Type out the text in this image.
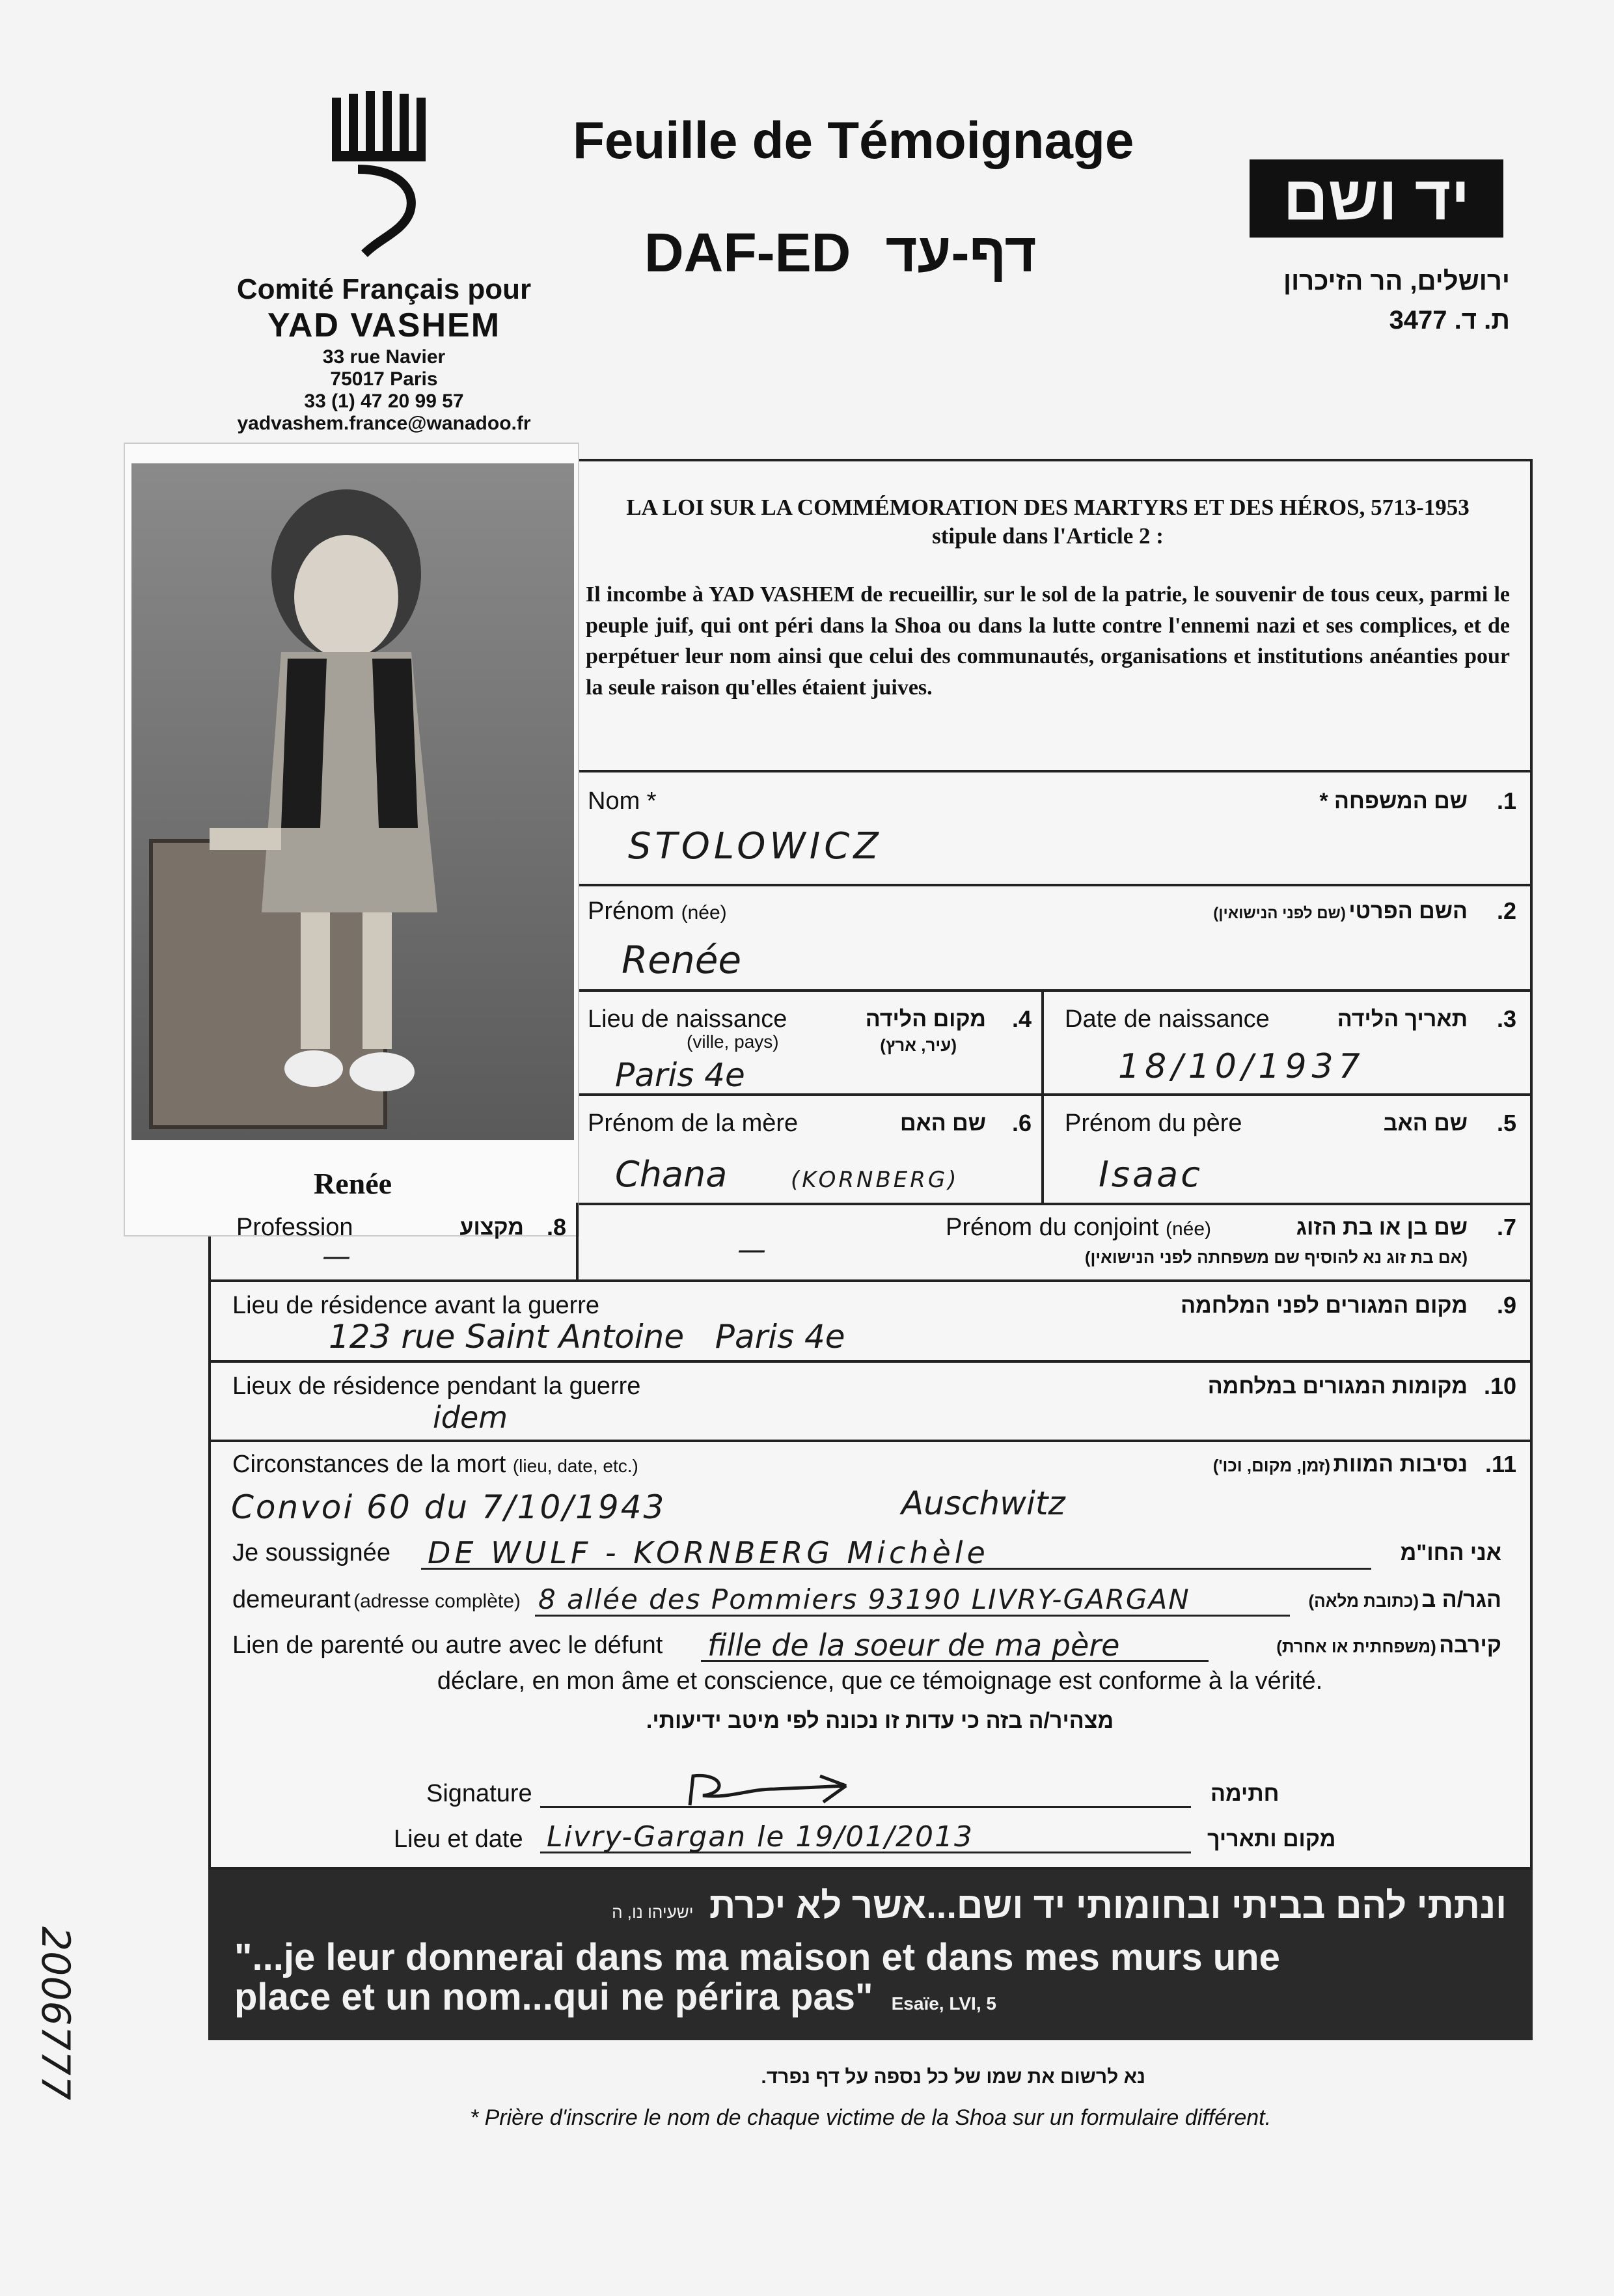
Comité Français pour
YAD VASHEM
33 rue Navier
75017 Paris
33 (1) 47 20 99 57
yadvashem.france@wanadoo.fr
Feuille de Témoignage
DAF-ED דף-עד
יד ושם
ירושלים, הר הזיכרון
ת. ד. 3477
Renée
LA LOI SUR LA COMMÉMORATION DES MARTYRS ET DES HÉROS, 5713-1953
stipule dans l'Article 2 :
Il incombe à YAD VASHEM de recueillir, sur le sol de la patrie, le souvenir de tous ceux, parmi le peuple juif, qui ont péri dans la Shoa ou dans la lutte contre l'ennemi nazi et ses complices, et de perpétuer leur nom ainsi que celui des communautés, organisations et institutions anéanties pour la seule raison qu'elles étaient juives.
Nom *	שם המשפחה * .1
STOLOWICZ
Prénom (née)	השם הפרטי (שם לפני הנישואין)	.2
Renée
Lieu de naissance
(ville, pays)
מקום הלידה
(עיר, ארץ)
.4
Paris 4e
Date de naissance	תאריך הלידה .3
18/10/1937
Prénom de la mère	שם האם .6
Chana	(KORNBERG)
Prénom du père	שם האב .5
Isaac
Profession	מקצוע .8
—
Prénom du conjoint (née)	שם בן או בת הזוג .7
(אם בת זוג נא להוסיף שם משפחתה לפני הנישואין)
—
Lieu de résidence avant la guerre	מקום המגורים לפני המלחמה .9
123 rue Saint Antoine   Paris 4e
Lieux de résidence pendant la guerre	מקומות המגורים במלחמה .10
idem
Circonstances de la mort (lieu, date, etc.)	נסיבות המוות (זמן, מקום, וכו')	.11
Convoi 60 du 7/10/1943	Auschwitz
Je soussignée DE WULF - KORNBERG Michèle	אני החו"מ
demeurant (adresse complète) 8 allée des Pommiers 93190 LIVRY-GARGAN	הגר/ה ב (כתובת מלאה)
Lien de parenté ou autre avec le défunt fille de la soeur de ma père	קירבה (משפחתית או אחרת)
déclare, en mon âme et conscience, que ce témoignage est conforme à la vérité.
מצהיר/ה בזה כי עדות זו נכונה לפי מיטב ידיעותי.
Signature	חתימה
Lieu et date Livry-Gargan le 19/01/2013	מקום ותאריך
ונתתי להם בביתי ובחומותי יד ושם...אשר לא יכרת ישעיהו נו, ה
"...je leur donnerai dans ma maison et dans mes murs une place et un nom...qui ne périra pas" Esaïe, LVI, 5
נא לרשום את שמו של כל נספה על דף נפרד.
* Prière d'inscrire le nom de chaque victime de la Shoa sur un formulaire différent.
2006777
